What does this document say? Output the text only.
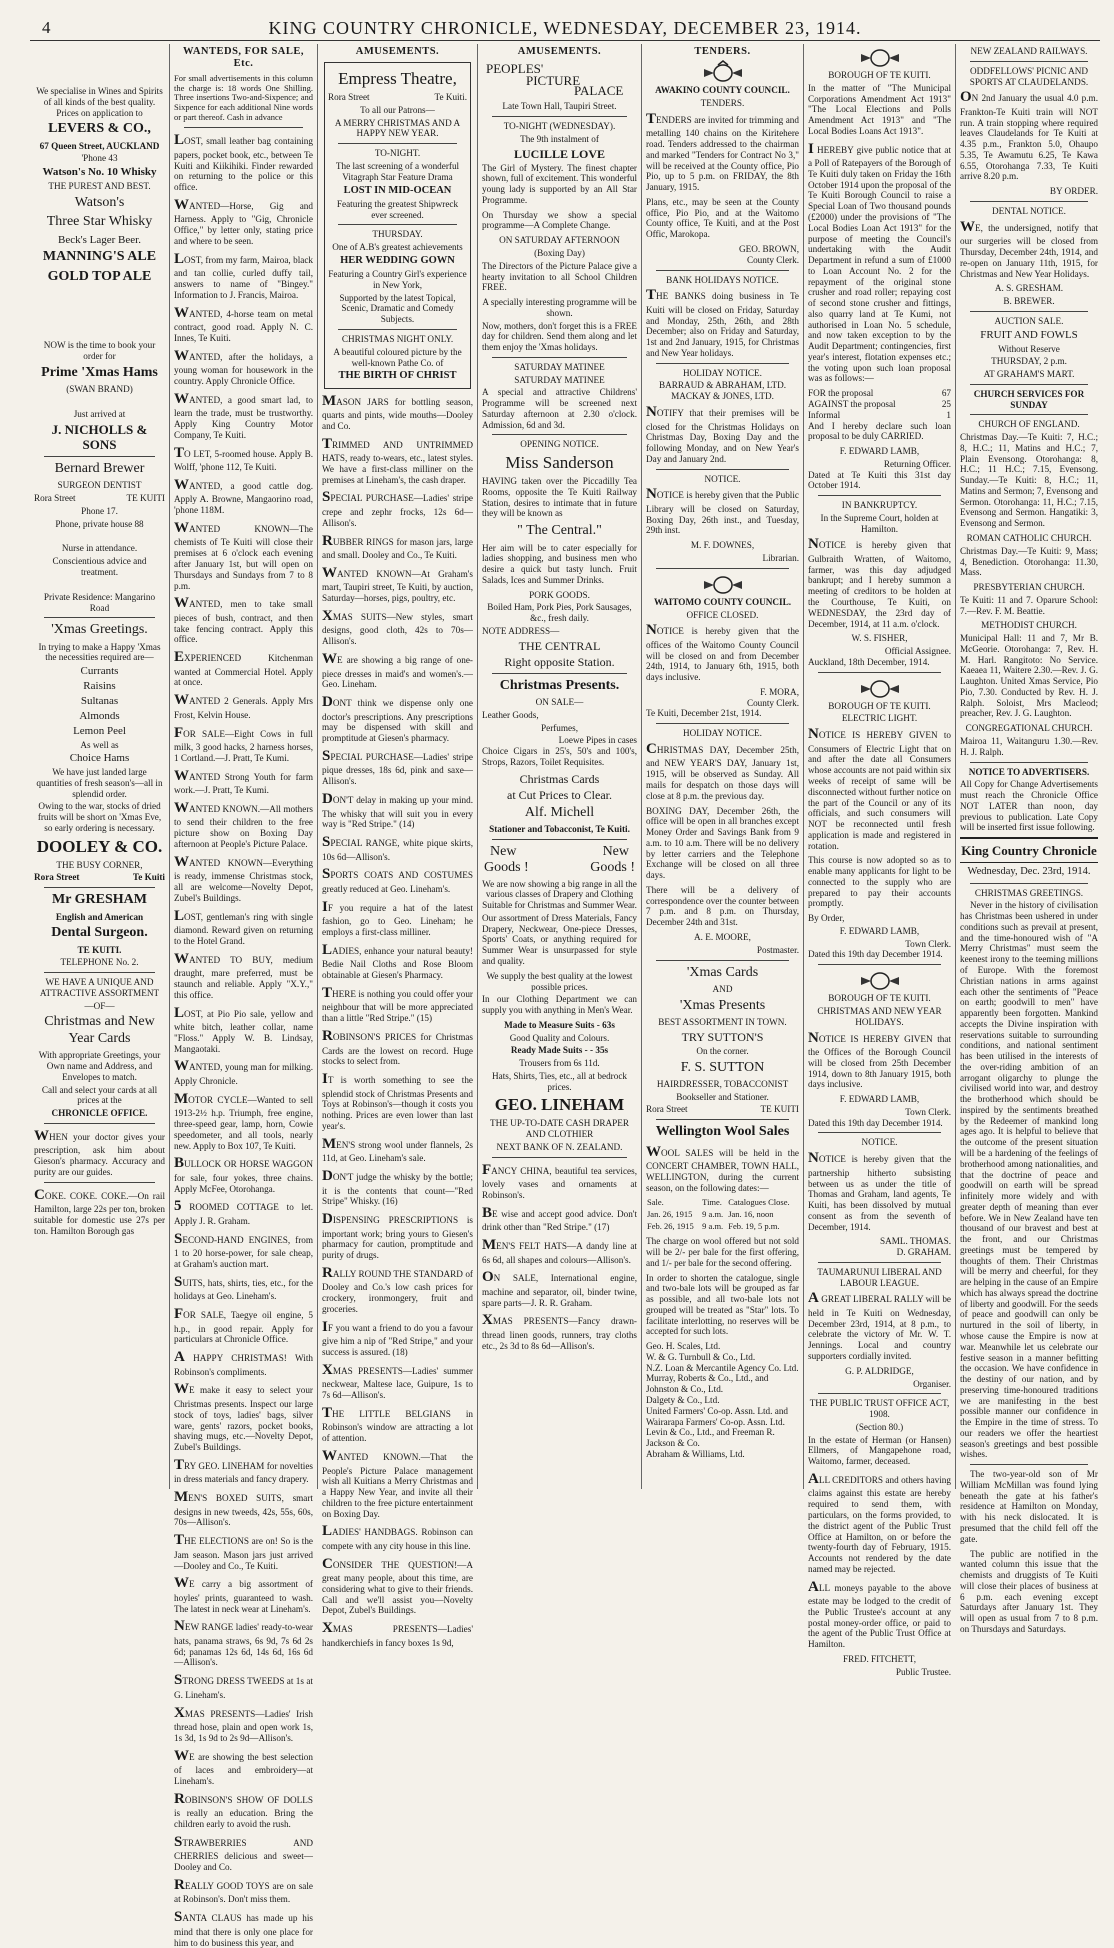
4	KING COUNTRY CHRONICLE, WEDNESDAY, DECEMBER 23, 1914.

We specialise in Wines and Spirits of all kinds of the best quality. Prices on application to

LEVERS & CO.,
67 Queen Street, AUCKLAND
'Phone 43
Watson's No. 10 Whisky
THE PUREST AND BEST.
Watson's
Three Star Whisky
Beck's Lager Beer.
MANNING'S ALE
GOLD TOP ALE

NOW is the time to book your order for

Prime 'Xmas Hams
(SWAN BRAND)
Just arrived at
J. NICHOLLS & SONS
Bernard Brewer
SURGEON DENTIST
Rora Street	TE KUITI
Phone 17.
Phone, private house 88
Nurse in attendance.
Conscientious advice and treatment.
Private Residence: Mangarino Road
'Xmas Greetings.

In trying to make a Happy 'Xmas the necessities required are—

Currants
Raisins
Sultanas
Almonds
Lemon Peel
As well as
Choice Hams

We have just landed large quantities of fresh season's—all in splendid order.

Owing to the war, stocks of dried fruits will be short on 'Xmas Eve, so early ordering is necessary.

DOOLEY & CO.
THE BUSY CORNER,
Rora Street	Te Kuiti
Mr GRESHAM
English and American
Dental Surgeon.
TE KUITI.
TELEPHONE No. 2.
WE HAVE A UNIQUE AND ATTRACTIVE ASSORTMENT
—OF—
Christmas and New Year Cards

With appropriate Greetings, your Own name and Address, and Envelopes to match.

Call and select your cards at all prices at the

CHRONICLE OFFICE.

WHEN your doctor gives your prescription, ask him about Gieson's pharmacy. Accuracy and purity are our guides.

COKE. COKE. COKE.—On rail Hamilton, large 22s per ton, broken suitable for domestic use 27s per ton. Hamilton Borough gas

WANTEDS, FOR SALE, Etc.
For small advertisements in this column the charge is: 18 words One Shilling. Three insertions Two-and-Sixpence; and Sixpence for each additional Nine words or part thereof. Cash in advance

LOST, small leather bag containing papers, pocket book, etc., between Te Kuiti and Kiikihiki. Finder rewarded on returning to the police or this office.

WANTED—Horse, Gig and Harness. Apply to "Gig, Chronicle Office," by letter only, stating price and where to be seen.

LOST, from my farm, Mairoa, black and tan collie, curled duffy tail, answers to name of "Bingey." Information to J. Francis, Mairoa.

WANTED, 4-horse team on metal contract, good road. Apply N. C. Innes, Te Kuiti.

WANTED, after the holidays, a young woman for housework in the country. Apply Chronicle Office.

WANTED, a good smart lad, to learn the trade, must be trustworthy. Apply King Country Motor Company, Te Kuiti.

TO LET, 5-roomed house. Apply B. Wolff, 'phone 112, Te Kuiti.

WANTED, a good cattle dog. Apply A. Browne, Mangaorino road, 'phone 118M.

WANTED KNOWN—The chemists of Te Kuiti will close their premises at 6 o'clock each evening after January 1st, but will open on Thursdays and Sundays from 7 to 8 p.m.

WANTED, men to take small pieces of bush, contract, and then take fencing contract. Apply this office.

EXPERIENCED Kitchenman wanted at Commercial Hotel. Apply at once.

WANTED 2 Generals. Apply Mrs Frost, Kelvin House.

FOR SALE—Eight Cows in full milk, 3 good hacks, 2 harness horses, 1 Cortland.—J. Pratt, Te Kumi.

WANTED Strong Youth for farm work.—J. Pratt, Te Kumi.

WANTED KNOWN.—All mothers to send their children to the free picture show on Boxing Day afternoon at People's Picture Palace.

WANTED KNOWN—Everything is ready, immense Christmas stock, all are welcome—Novelty Depot, Zubel's Buildings.

LOST, gentleman's ring with single diamond. Reward given on returning to the Hotel Grand.

WANTED TO BUY, medium draught, mare preferred, must be staunch and reliable. Apply "X.Y.," this office.

LOST, at Pio Pio sale, yellow and white bitch, leather collar, name "Floss." Apply W. B. Lindsay, Mangaotaki.

WANTED, young man for milking. Apply Chronicle.

MOTOR CYCLE—Wanted to sell 1913-2½ h.p. Triumph, free engine, three-speed gear, lamp, horn, Cowie speedometer, and all tools, nearly new. Apply to Box 107, Te Kuiti.

BULLOCK OR HORSE WAGGON for sale, four yokes, three chains. Apply McFee, Otorohanga.

5 ROOMED COTTAGE to let. Apply J. R. Graham.

SECOND-HAND ENGINES, from 1 to 20 horse-power, for sale cheap, at Graham's auction mart.

SUITS, hats, shirts, ties, etc., for the holidays at Geo. Lineham's.

FOR SALE, Taegye oil engine, 5 h.p., in good repair. Apply for particulars at Chronicle Office.

A HAPPY CHRISTMAS! With Robinson's compliments.

WE make it easy to select your Christmas presents. Inspect our large stock of toys, ladies' bags, silver ware, gents' razors, pocket books, shaving mugs, etc.—Novelty Depot, Zubel's Buildings.

TRY GEO. LINEHAM for novelties in dress materials and fancy drapery.

MEN'S BOXED SUITS, smart designs in new tweeds, 42s, 55s, 60s, 70s—Allison's.

THE ELECTIONS are on! So is the Jam season. Mason jars just arrived—Dooley and Co., Te Kuiti.

WE carry a big assortment of hoyles' prints, guaranteed to wash. The latest in neck wear at Lineham's.

NEW RANGE ladies' ready-to-wear hats, panama straws, 6s 9d, 7s 6d 2s 6d; panamas 12s 6d, 14s 6d, 16s 6d—Allison's.

STRONG DRESS TWEEDS at 1s at G. Lineham's.

XMAS PRESENTS—Ladies' Irish thread hose, plain and open work 1s, 1s 3d, 1s 9d to 2s 9d—Allison's.

WE are showing the best selection of laces and embroidery—at Lineham's.

ROBINSON'S SHOW OF DOLLS is really an education. Bring the children early to avoid the rush.

STRAWBERRIES AND CHERRIES delicious and sweet—Dooley and Co.

REALLY GOOD TOYS are on sale at Robinson's. Don't miss them.

SANTA CLAUS has made up his mind that there is only one place for him to do business this year, and

AMUSEMENTS.
Empress Theatre,
Rora Street	Te Kuiti.
To all our Patrons—
A MERRY CHRISTMAS AND A HAPPY NEW YEAR.
TO-NIGHT.
The last screening of a wonderful Vitagraph Star Feature Drama
LOST IN MID-OCEAN
Featuring the greatest Shipwreck ever screened.
THURSDAY.
One of A.B's greatest achievements
HER WEDDING GOWN
Featuring a Country Girl's experience in New York,
Supported by the latest Topical, Scenic, Dramatic and Comedy Subjects.
CHRISTMAS NIGHT ONLY.
A beautiful coloured picture by the well-known Pathe Co. of
THE BIRTH OF CHRIST

MASON JARS for bottling season, quarts and pints, wide mouths—Dooley and Co.

TRIMMED AND UNTRIMMED HATS, ready to-wears, etc., latest styles. We have a first-class milliner on the premises at Lineham's, the cash draper.

SPECIAL PURCHASE—Ladies' stripe crepe and zephr frocks, 12s 6d—Allison's.

RUBBER RINGS for mason jars, large and small. Dooley and Co., Te Kuiti.

WANTED KNOWN—At Graham's mart, Taupiri street, Te Kuiti, by auction, Saturday—horses, pigs, poultry, etc.

XMAS SUITS—New styles, smart designs, good cloth, 42s to 70s—Allison's.

WE are showing a big range of one-piece dresses in maid's and women's.—Geo. Lineham.

DONT think we dispense only one doctor's prescriptions. Any prescriptions may be dispensed with skill and promptitude at Giesen's pharmacy.

SPECIAL PURCHASE—Ladies' stripe pique dresses, 18s 6d, pink and saxe—Allison's.

DON'T delay in making up your mind. The whisky that will suit you in every way is "Red Stripe." (14)

SPECIAL RANGE, white pique skirts, 10s 6d—Allison's.

SPORTS COATS AND COSTUMES greatly reduced at Geo. Lineham's.

IF you require a hat of the latest fashion, go to Geo. Lineham; he employs a first-class milliner.

LADIES, enhance your natural beauty! Bedie Nail Cloths and Rose Bloom obtainable at Giesen's Pharmacy.

THERE is nothing you could offer your neighbour that will be more appreciated than a little "Red Stripe." (15)

ROBINSON'S PRICES for Christmas Cards are the lowest on record. Huge stocks to select from.

IT is worth something to see the splendid stock of Christmas Presents and Toys at Robinson's—though it costs you nothing. Prices are even lower than last year's.

MEN'S strong wool under flannels, 2s 11d, at Geo. Lineham's sale.

DON'T judge the whisky by the bottle; it is the contents that count—"Red Stripe" Whisky. (16)

DISPENSING PRESCRIPTIONS is important work; bring yours to Giesen's pharmacy for caution, promptitude and purity of drugs.

RALLY ROUND THE STANDARD of Dooley and Co.'s low cash prices for crockery, ironmongery, fruit and groceries.

IF you want a friend to do you a favour give him a nip of "Red Stripe," and your success is assured. (18)

XMAS PRESENTS—Ladies' summer neckwear, Maltese lace, Guipure, 1s to 7s 6d—Allison's.

THE LITTLE BELGIANS in Robinson's window are attracting a lot of attention.

WANTED KNOWN.—That the People's Picture Palace management wish all Kuitians a Merry Christmas and a Happy New Year, and invite all their children to the free picture entertainment on Boxing Day.

LADIES' HANDBAGS. Robinson can compete with any city house in this line.

CONSIDER THE QUESTION!—A great many people, about this time, are considering what to give to their friends. Call and we'll assist you—Novelty Depot, Zubel's Buildings.

XMAS PRESENTS—Ladies' handkerchiefs in fancy boxes 1s 9d,

AMUSEMENTS.
PEOPLES'
PICTURE
PALACE
Late Town Hall, Taupiri Street.
TO-NIGHT (WEDNESDAY).
The 9th instalment of
LUCILLE LOVE

The Girl of Mystery. The finest chapter shown, full of excitement. This wonderful young lady is supported by an All Star Programme.

On Thursday we show a special programme—A Complete Change.

ON SATURDAY AFTERNOON
(Boxing Day)

The Directors of the Picture Palace give a hearty invitation to all School Children FREE.

A specially interesting programme will be shown.

Now, mothers, don't forget this is a FREE day for children. Send them along and let them enjoy the 'Xmas holidays.

SATURDAY MATINEE
SATURDAY MATINEE

A special and attractive Childrens' Programme will be screened next Saturday afternoon at 2.30 o'clock. Admission, 6d and 3d.

OPENING NOTICE.
Miss Sanderson

HAVING taken over the Piccadilly Tea Rooms, opposite the Te Kuiti Railway Station, desires to intimate that in future they will be known as

" The Central."

Her aim will be to cater especially for ladies shopping, and business men who desire a quick but tasty lunch. Fruit Salads, Ices and Summer Drinks.

PORK GOODS.

Boiled Ham, Pork Pies, Pork Sausages, &c., fresh daily.

NOTE ADDRESS—
THE CENTRAL
Right opposite Station.
Christmas Presents.
ON SALE—
Leather Goods,
Perfumes,
Loewe Pipes in cases

Choice Cigars in 25's, 50's and 100's, Strops, Razors, Toilet Requisites.

Christmas Cards
at Cut Prices to Clear.
Alf. Michell
Stationer and Tobacconist, Te Kuiti.
New	New
Goods !	Goods !

We are now showing a big range in all the various classes of Drapery and Clothing Suitable for Christmas and Summer Wear.

Our assortment of Dress Materials, Fancy Drapery, Neckwear, One-piece Dresses, Sports' Coats, or anything required for Summer Wear is unsurpassed for style and quality.

We supply the best quality at the lowest possible prices.

In our Clothing Department we can supply you with anything in Men's Wear.

Made to Measure Suits - 63s
Good Quality and Colours.
Ready Made Suits - - 35s
Trousers from 6s 11d.
Hats, Shirts, Ties, etc., all at bedrock prices.
GEO. LINEHAM
THE UP-TO-DATE CASH DRAPER AND CLOTHIER
NEXT BANK OF N. ZEALAND.

FANCY CHINA, beautiful tea services, lovely vases and ornaments at Robinson's.

BE wise and accept good advice. Don't drink other than "Red Stripe." (17)

MEN'S FELT HATS—A dandy line at 6s 6d, all shapes and colours—Allison's.

ON SALE, International engine, machine and separator, oil, binder twine, spare parts—J. R. R. Graham.

XMAS PRESENTS—Fancy drawn-thread linen goods, runners, tray cloths etc., 2s 3d to 8s 6d—Allison's.

TENDERS.
AWAKINO COUNTY COUNCIL.
TENDERS.

TENDERS are invited for trimming and metalling 140 chains on the Kiritehere road. Tenders addressed to the chairman and marked "Tenders for Contract No 3," will be received at the County office, Pio Pio, up to 5 p.m. on FRIDAY, the 8th January, 1915.

Plans, etc., may be seen at the County office, Pio Pio, and at the Waitomo County office, Te Kuiti, and at the Post Offic, Marokopa.

GEO. BROWN,
County Clerk.
BANK HOLIDAYS NOTICE.

THE BANKS doing business in Te Kuiti will be closed on Friday, Saturday and Monday, 25th, 26th, and 28th December; also on Friday and Saturday, 1st and 2nd January, 1915, for Christmas and New Year holidays.

HOLIDAY NOTICE.
BARRAUD & ABRAHAM, LTD. MACKAY & JONES, LTD.

NOTIFY that their premises will be closed for the Christmas Holidays on Christmas Day, Boxing Day and the following Monday, and on New Year's Day and January 2nd.

NOTICE.

NOTICE is hereby given that the Public Library will be closed on Saturday, Boxing Day, 26th inst., and Tuesday, 29th inst.

M. F. DOWNES,
Librarian.
WAITOMO COUNTY COUNCIL.
OFFICE CLOSED.

NOTICE is hereby given that the offices of the Waitomo County Council will be closed on and from December 24th, 1914, to January 6th, 1915, both days inclusive.

F. MORA,
County Clerk.
Te Kuiti, December 21st, 1914.
HOLIDAY NOTICE.

CHRISTMAS DAY, December 25th, and NEW YEAR'S DAY, January 1st, 1915, will be observed as Sunday. All mails for despatch on those days will close at 8 p.m. the previous day.

BOXING DAY, December 26th, the office will be open in all branches except Money Order and Savings Bank from 9 a.m. to 10 a.m. There will be no delivery by letter carriers and the Telephone Exchange will be closed on all three days.

There will be a delivery of correspondence over the counter between 7 p.m. and 8 p.m. on Thursday, December 24th and 31st.

A. E. MOORE,
Postmaster.
'Xmas Cards
AND
'Xmas Presents
BEST ASSORTMENT IN TOWN.
TRY SUTTON'S
On the corner.
F. S. SUTTON
HAIRDRESSER, TOBACCONIST
Bookseller and Stationer.
Rora Street	TE KUITI
Wellington Wool Sales

WOOL SALES will be held in the CONCERT CHAMBER, TOWN HALL, WELLINGTON, during the current season, on the following dates:—

Sale.	Time.	Catalogues Close.
Jan. 26, 1915	9 a.m.	Jan. 16, noon
Feb. 26, 1915	9 a.m.	Feb. 19, 5 p.m.

The charge on wool offered but not sold will be 2/- per bale for the first offering, and 1/- per bale for the second offering.

In order to shorten the catalogue, single and two-bale lots will be grouped as far as possible, and all two-bale lots not grouped will be treated as "Star" lots. To facilitate interlotting, no reserves will be accepted for such lots.

Geo. H. Scales, Ltd.
W. & G. Turnbull & Co., Ltd.
N.Z. Loan & Mercantile Agency Co. Ltd.
Murray, Roberts & Co., Ltd., and Johnston & Co., Ltd.
Dalgety & Co., Ltd.
United Farmers' Co-op. Assn. Ltd. and
Wairarapa Farmers' Co-op. Assn. Ltd.
Levin & Co., Ltd., and Freeman R. Jackson & Co.
Abraham & Williams, Ltd.
BOROUGH OF TE KUITI.

In the matter of "The Municipal Corporations Amendment Act 1913" "The Local Elections and Polls Amendment Act 1913" and "The Local Bodies Loans Act 1913".

I HEREBY give public notice that at a Poll of Ratepayers of the Borough of Te Kuiti duly taken on Friday the 16th October 1914 upon the proposal of the Te Kuiti Borough Council to raise a Special Loan of Two thousand pounds (£2000) under the provisions of "The Local Bodies Loan Act 1913" for the purpose of meeting the Council's undertaking with the Audit Department in refund a sum of £1000 to Loan Account No. 2 for the repayment of the original stone crusher and road roller; repaying cost of second stone crusher and fittings, also quarry land at Te Kumi, not authorised in Loan No. 5 schedule, and now taken exception to by the Audit Department; contingencies, first year's interest, flotation expenses etc.; the voting upon such loan proposal was as follows:—

FOR the proposal	67
AGAINST the proposal	25
Informal	1

And I hereby declare such loan proposal to be duly CARRIED.

F. EDWARD LAMB,
Returning Officer.

Dated at Te Kuiti this 31st day October 1914.

IN BANKRUPTCY.
In the Supreme Court, holden at Hamilton.

NOTICE is hereby given that Gulbraith Wratten, of Waitomo, farmer, was this day adjudged bankrupt; and I hereby summon a meeting of creditors to be holden at the Courthouse, Te Kuiti, on WEDNESDAY, the 23rd day of December, 1914, at 11 a.m. o'clock.

W. S. FISHER,
Official Assignee.
Auckland, 18th December, 1914.
BOROUGH OF TE KUITI.
ELECTRIC LIGHT.

NOTICE IS HEREBY GIVEN to Consumers of Electric Light that on and after the date all Consumers whose accounts are not paid within six weeks of receipt of same will be disconnected without further notice on the part of the Council or any of its officials, and such consumers will NOT be reconnected until fresh application is made and registered in rotation.

This course is now adopted so as to enable many applicants for light to be connected to the supply who are prepared to pay their accounts promptly.

By Order,
F. EDWARD LAMB,
Town Clerk.
Dated this 19th day December 1914.
BOROUGH OF TE KUITI.
CHRISTMAS AND NEW YEAR HOLIDAYS.

NOTICE IS HEREBY GIVEN that the Offices of the Borough Council will be closed from 25th December 1914, down to 8th January 1915, both days inclusive.

F. EDWARD LAMB,
Town Clerk.
Dated this 19th day December 1914.
NOTICE.

NOTICE is hereby given that the partnership hitherto subsisting between us as under the title of Thomas and Graham, land agents, Te Kuiti, has been dissolved by mutual consent as from the seventh of December, 1914.

SAML. THOMAS.
D. GRAHAM.
TAUMARUNUI LIBERAL AND LABOUR LEAGUE.

A GREAT LIBERAL RALLY will be held in Te Kuiti on Wednesday, December 23rd, 1914, at 8 p.m., to celebrate the victory of Mr. W. T. Jennings. Local and country supporters cordially invited.

G. P. ALDRIDGE,
Organiser.
THE PUBLIC TRUST OFFICE ACT, 1908.
(Section 80.)

In the estate of Herman (or Hansen) Ellmers, of Mangapehone road, Waitomo, farmer, deceased.

ALL CREDITORS and others having claims against this estate are hereby required to send them, with particulars, on the forms provided, to the district agent of the Public Trust Office at Hamilton, on or before the twenty-fourth day of February, 1915. Accounts not rendered by the date named may be rejected.

ALL moneys payable to the above estate may be lodged to the credit of the Public Trustee's account at any postal money-order office, or paid to the agent of the Public Trust Office at Hamilton.

FRED. FITCHETT,
Public Trustee.
NEW ZEALAND RAILWAYS.
ODDFELLOWS' PICNIC AND SPORTS AT CLAUDELANDS.

ON 2nd January the usual 4.0 p.m. Frankton-Te Kuiti train will NOT run. A train stopping where required leaves Claudelands for Te Kuiti at 4.35 p.m., Frankton 5.0, Ohaupo 5.35, Te Awamutu 6.25, Te Kawa 6.55, Otorohanga 7.33, Te Kuiti arrive 8.20 p.m.

BY ORDER.
DENTAL NOTICE.

WE, the undersigned, notify that our surgeries will be closed from Thursday, December 24th, 1914, and re-open on January 11th, 1915, for Christmas and New Year Holidays.

A. S. GRESHAM.
B. BREWER.
AUCTION SALE.
FRUIT AND FOWLS
Without Reserve
THURSDAY, 2 p.m.
AT GRAHAM'S MART.
CHURCH SERVICES FOR SUNDAY
CHURCH OF ENGLAND.

Christmas Day.—Te Kuiti: 7, H.C.; 8, H.C.; 11, Matins and H.C.; 7, Plain Evensong. Otorohanga: 8, H.C.; 11 H.C.; 7.15, Evensong. Sunday.—Te Kuiti: 8, H.C.; 11, Matins and Sermon; 7, Evensong and Sermon. Otorohanga: 11, H.C.; 7.15, Evensong and Sermon. Hangatiki: 3, Evensong and Sermon.

ROMAN CATHOLIC CHURCH.

Christmas Day.—Te Kuiti: 9, Mass; 4, Benediction. Otorohanga: 11.30, Mass.

PRESBYTERIAN CHURCH.

Te Kuiti: 11 and 7. Oparure School: 7.—Rev. F. M. Beattie.

METHODIST CHURCH.

Municipal Hall: 11 and 7, Mr B. McGeorie. Otorohanga: 7, Rev. H. M. Harl. Rangitoto: No Service. Kaeaea 11, Waitere 2.30.—Rev. J. G. Laughton. United Xmas Service, Pio Pio, 7.30. Conducted by Rev. H. J. Ralph. Soloist, Mrs Macleod; preacher, Rev. J. G. Laughton.

CONGREGATIONAL CHURCH.

Mairoa 11, Waitanguru 1.30.—Rev. H. J. Ralph.

NOTICE TO ADVERTISERS.

All Copy for Change Advertisements must reach the Chronicle Office NOT LATER than noon, day previous to publication. Late Copy will be inserted first issue following.

King Country Chronicle
Wednesday, Dec. 23rd, 1914.
CHRISTMAS GREETINGS.

Never in the history of civilisation has Christmas been ushered in under conditions such as prevail at present, and the time-honoured wish of "A Merry Christmas" must seem the keenest irony to the teeming millions of Europe. With the foremost Christian nations in arms against each other the sentiments of "Peace on earth; goodwill to men" have apparently been forgotten. Mankind accepts the Divine inspiration with reservations suitable to surrounding conditions, and national sentiment has been utilised in the interests of the over-riding ambition of an arrogant oligarchy to plunge the civilised world into war, and destroy the brotherhood which should be inspired by the sentiments breathed by the Redeemer of mankind long ages ago. It is helpful to believe that the outcome of the present situation will be a hardening of the feelings of brotherhood among nationalities, and that the doctrine of peace and goodwill on earth will be spread infinitely more widely and with greater depth of meaning than ever before. We in New Zealand have ten thousand of our bravest and best at the front, and our Christmas greetings must be tempered by thoughts of them. Their Christmas will be merry and cheerful, for they are helping in the cause of an Empire which has always spread the doctrine of liberty and goodwill. For the seeds of peace and goodwill can only be nurtured in the soil of liberty, in whose cause the Empire is now at war. Meanwhile let us celebrate our festive season in a manner befitting the occasion. We have confidence in the destiny of our nation, and by preserving time-honoured traditions we are manifesting in the best possible manner our confidence in the Empire in the time of stress. To our readers we offer the heartiest season's greetings and best possible wishes.

The two-year-old son of Mr William McMillan was found lying beneath the gate at his father's residence at Hamilton on Monday, with his neck dislocated. It is presumed that the child fell off the gate.

The public are notified in the wanted column this issue that the chemists and druggists of Te Kuiti will close their places of business at 6 p.m. each evening except Saturdays after January 1st. They will open as usual from 7 to 8 p.m. on Thursdays and Saturdays.
